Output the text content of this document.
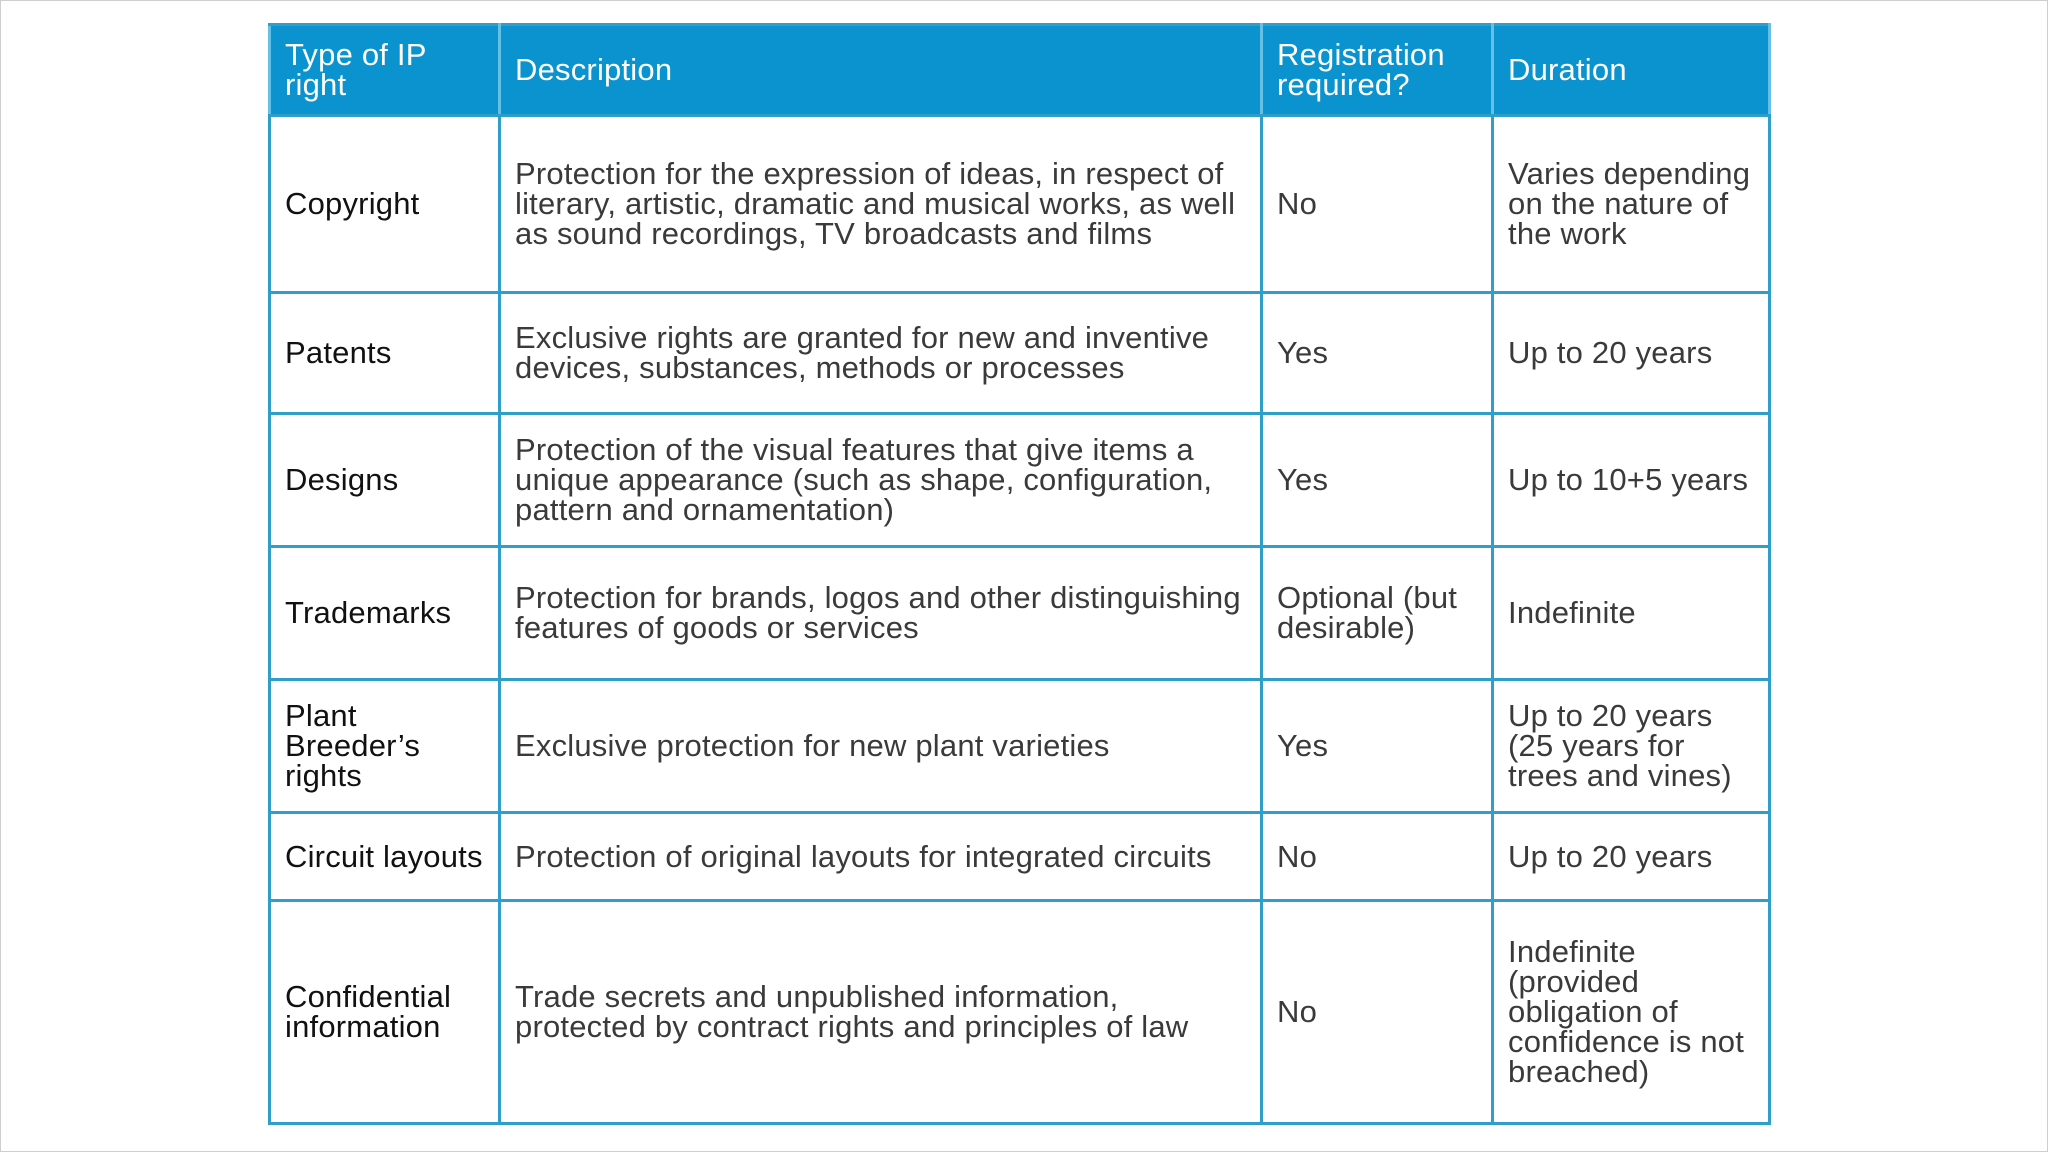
Type of IP right	Description	Registration required?	Duration
Copyright	Protection for the expression of ideas, in respect of literary, artistic, dramatic and musical works, as well as sound recordings, TV broadcasts and films	No	Varies depending on the nature of the work
Patents	Exclusive rights are granted for new and inventive devices, substances, methods or processes	Yes	Up to 20 years
Designs	Protection of the visual features that give items a unique appearance (such as shape, configuration, pattern and ornamentation)	Yes	Up to 10+5 years
Trademarks	Protection for brands, logos and other distinguishing features of goods or services	Optional (but desirable)	Indefinite
Plant Breeder’s rights	Exclusive protection for new plant varieties	Yes	Up to 20 years (25 years for trees and vines)
Circuit layouts	Protection of original layouts for integrated circuits	No	Up to 20 years
Confidential information	Trade secrets and unpublished information, protected by contract rights and principles of law	No	Indefinite (provided obligation of confidence is not breached)
